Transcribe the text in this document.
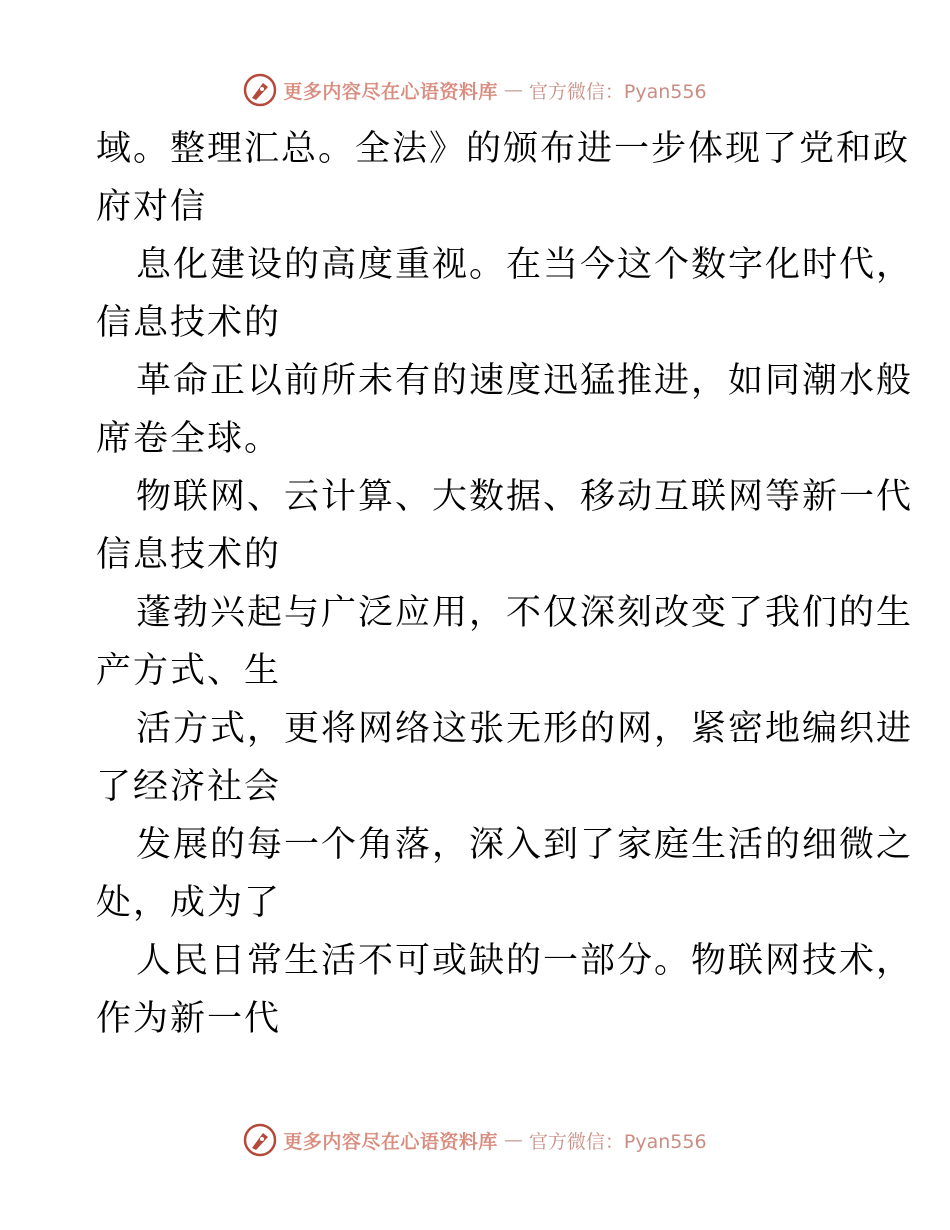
更多内容尽在心语资料库 — 官方微信：Pyan556
域。整理汇总。全法》的颁布进一步体现了党和政
府对信
息化建设的高度重视。在当今这个数字化时代，
信息技术的
革命正以前所未有的速度迅猛推进，如同潮水般
席卷全球。
物联网、云计算、大数据、移动互联网等新一代
信息技术的
蓬勃兴起与广泛应用，不仅深刻改变了我们的生
产方式、生
活方式，更将网络这张无形的网，紧密地编织进
了经济社会
发展的每一个角落，深入到了家庭生活的细微之
处，成为了
人民日常生活不可或缺的一部分。物联网技术，
作为新一代
更多内容尽在心语资料库 — 官方微信：Pyan556
